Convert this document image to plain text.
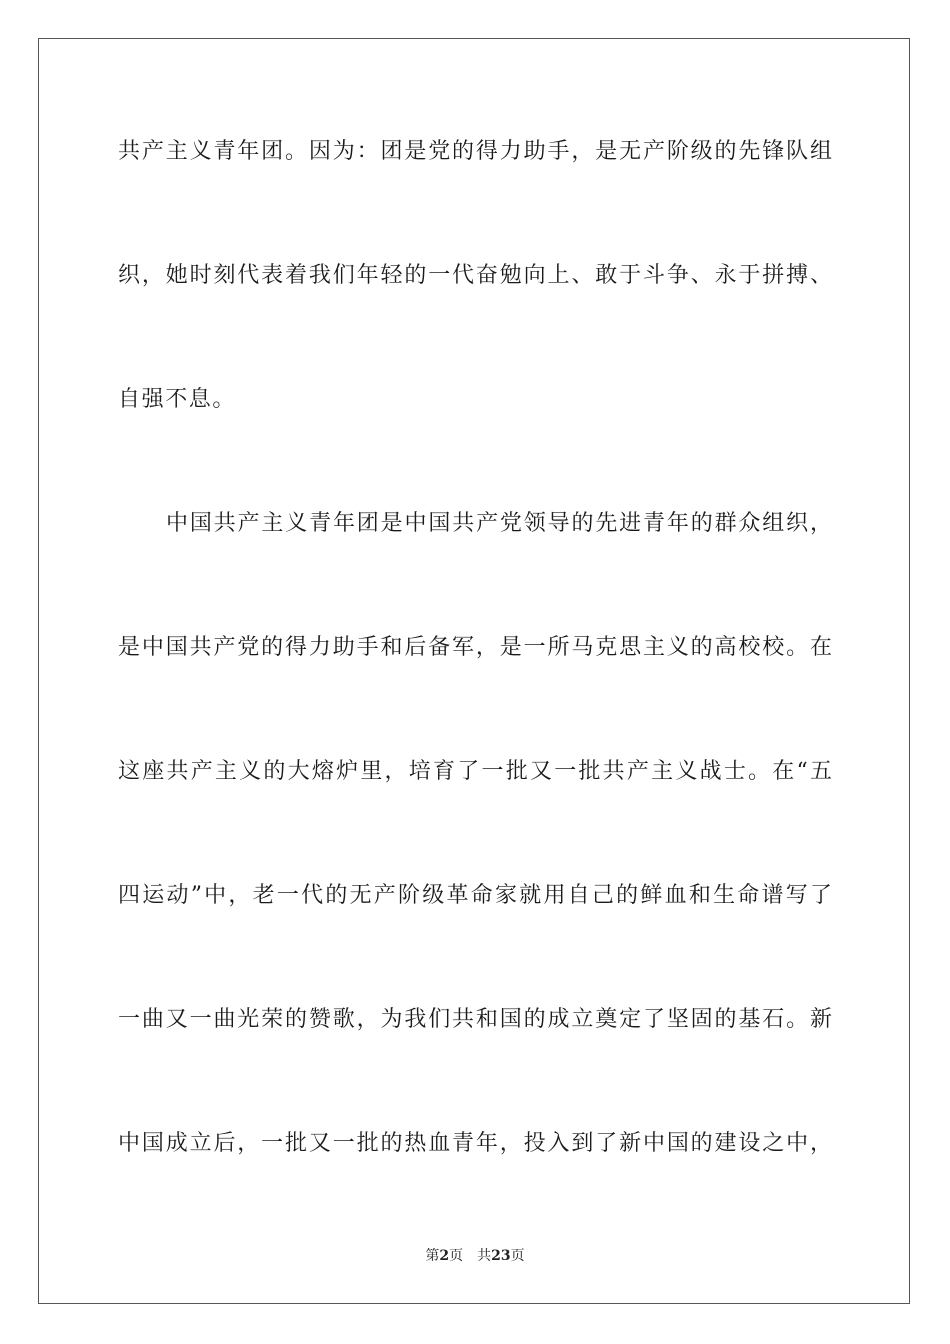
共产主义青年团。因为：团是党的得力助手，是无产阶级的先锋队组
织，她时刻代表着我们年轻的一代奋勉向上、敢于斗争、永于拼搏、
自强不息。
中国共产主义青年团是中国共产党领导的先进青年的群众组织，
是中国共产党的得力助手和后备军，是一所马克思主义的高校校。在
这座共产主义的大熔炉里，培育了一批又一批共产主义战士。在“五
四运动”中，老一代的无产阶级革命家就用自己的鲜血和生命谱写了
一曲又一曲光荣的赞歌，为我们共和国的成立奠定了坚固的基石。新
中国成立后，一批又一批的热血青年，投入到了新中国的建设之中，
第2页 共23页
